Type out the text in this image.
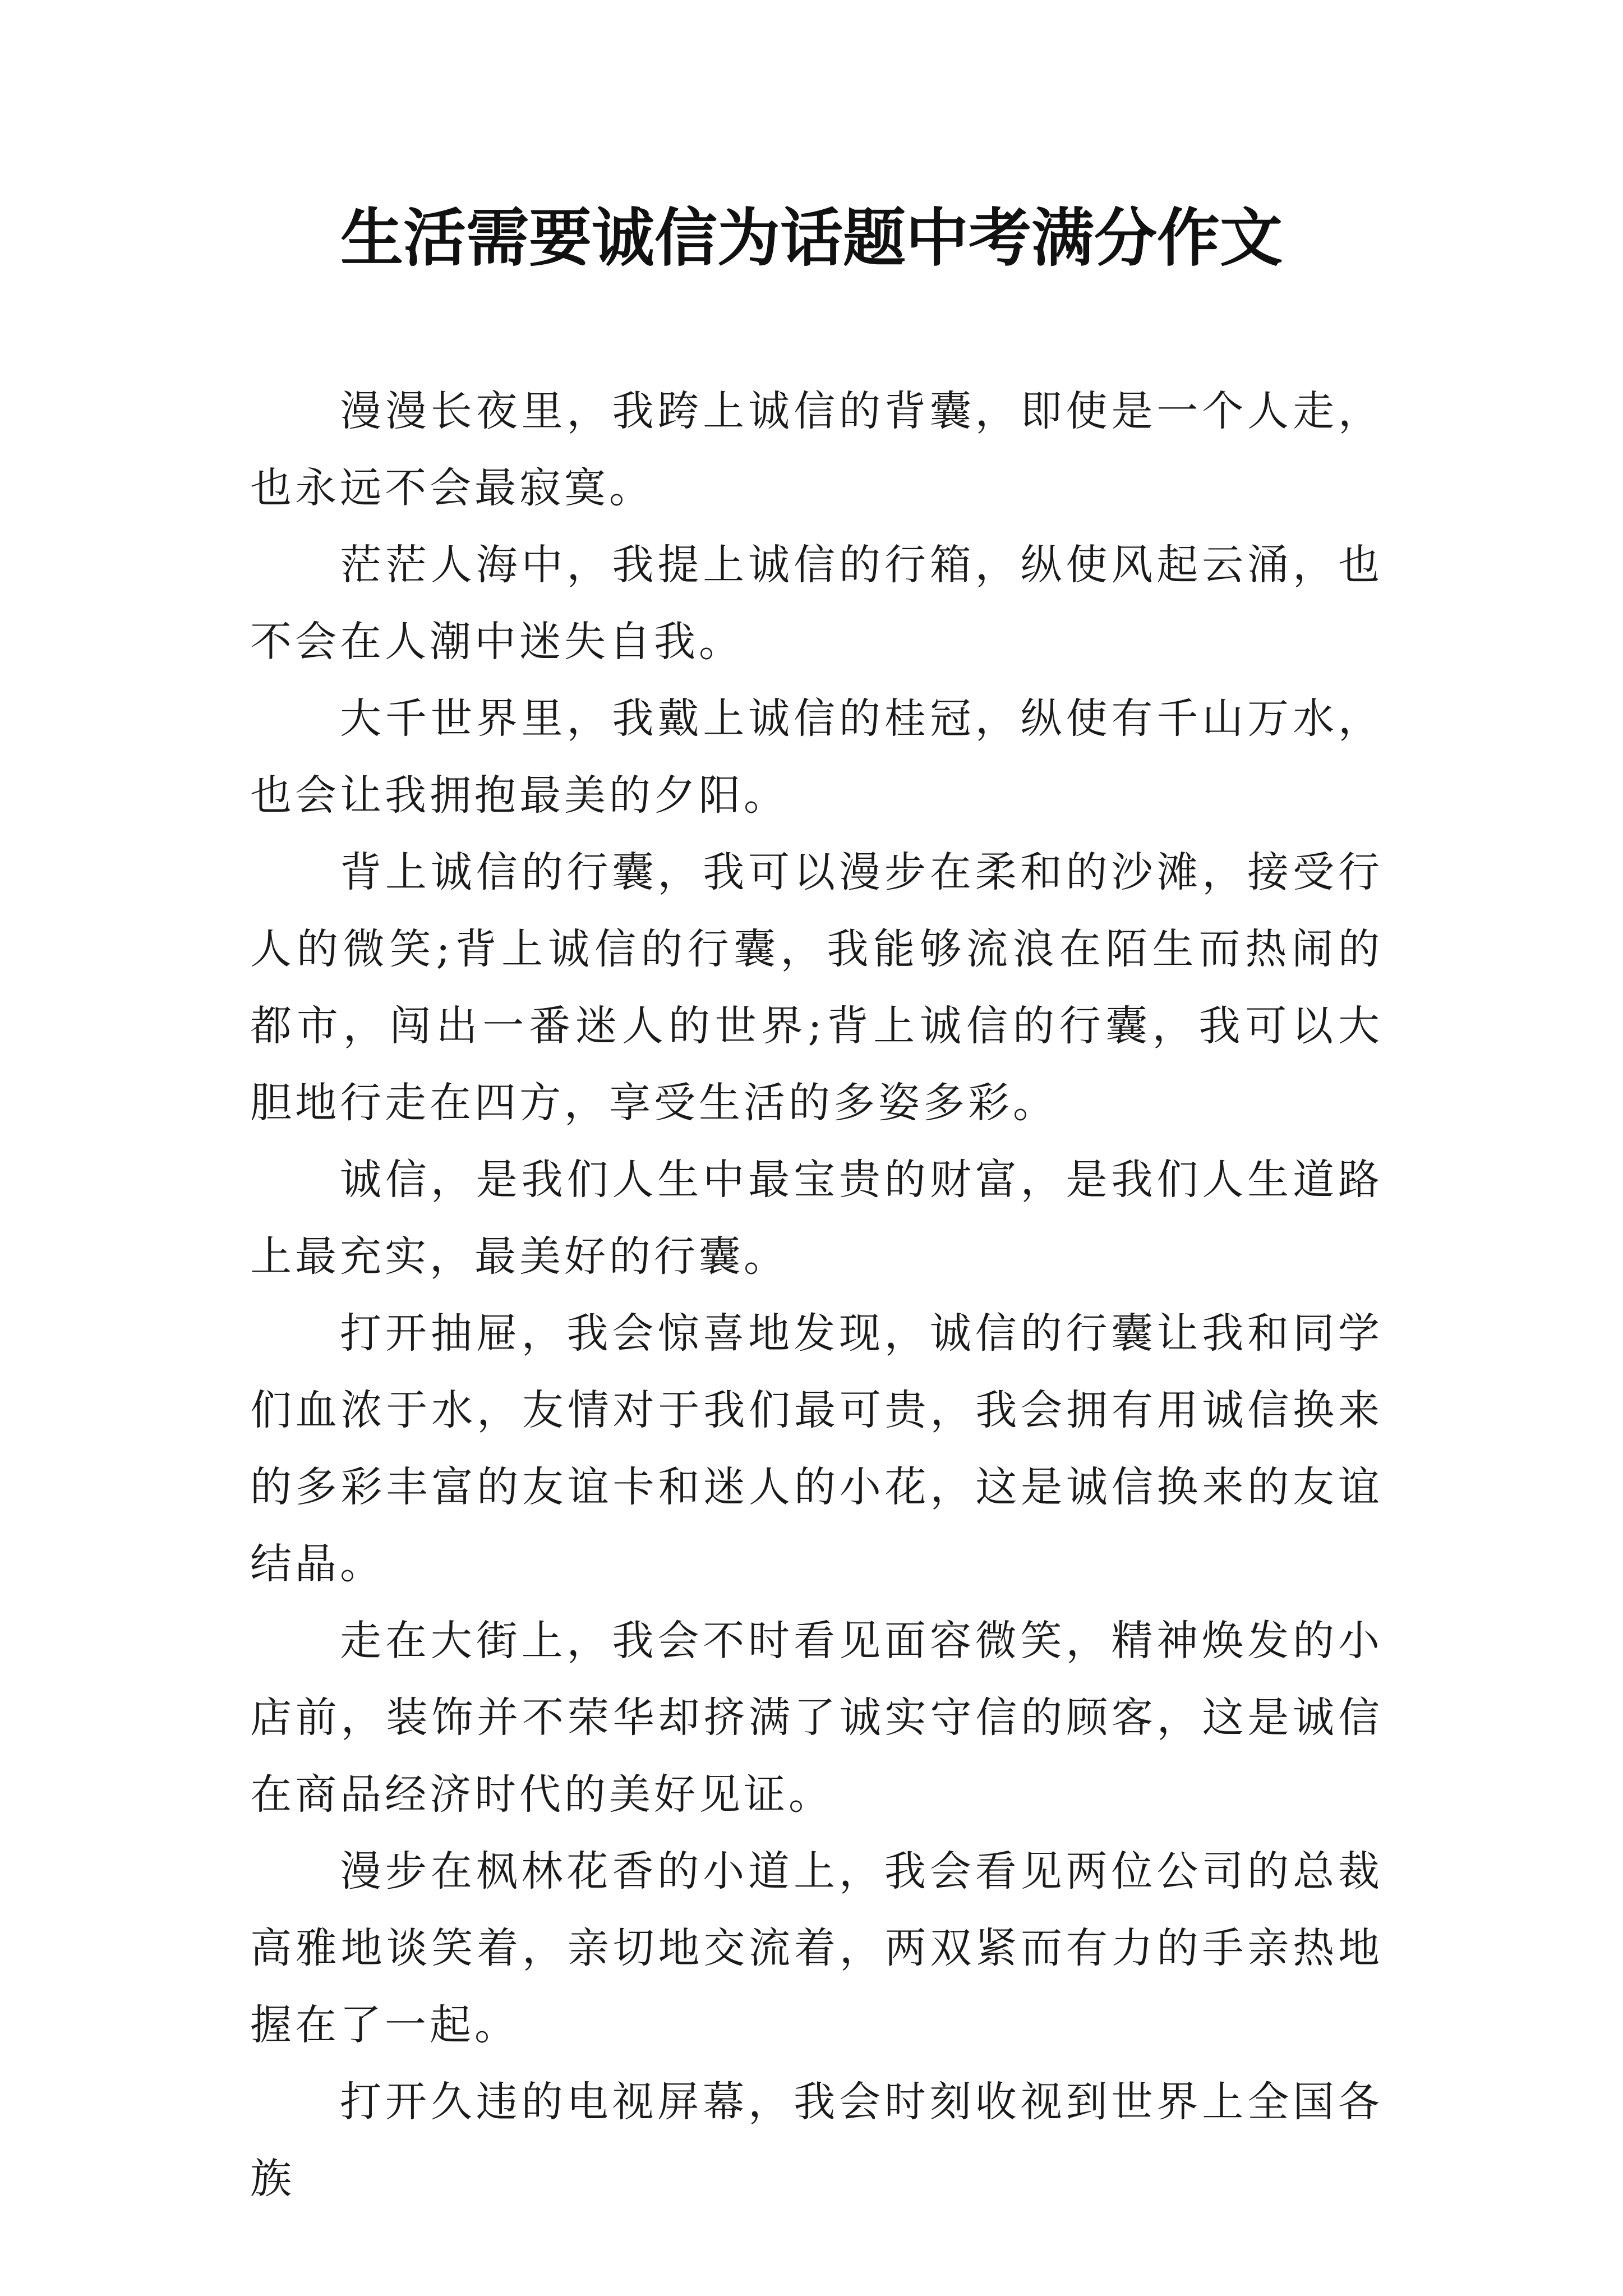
生活需要诚信为话题中考满分作文

漫漫长夜里，我跨上诚信的背囊，即使是一个人走，也永远不会最寂寞。

茫茫人海中，我提上诚信的行箱，纵使风起云涌，也不会在人潮中迷失自我。

大千世界里，我戴上诚信的桂冠，纵使有千山万水，也会让我拥抱最美的夕阳。

背上诚信的行囊，我可以漫步在柔和的沙滩，接受行人的微笑;背上诚信的行囊，我能够流浪在陌生而热闹的都市，闯出一番迷人的世界;背上诚信的行囊，我可以大胆地行走在四方，享受生活的多姿多彩。

诚信，是我们人生中最宝贵的财富，是我们人生道路上最充实，最美好的行囊。

打开抽屉，我会惊喜地发现，诚信的行囊让我和同学们血浓于水，友情对于我们最可贵，我会拥有用诚信换来的多彩丰富的友谊卡和迷人的小花，这是诚信换来的友谊结晶。

走在大街上，我会不时看见面容微笑，精神焕发的小店前，装饰并不荣华却挤满了诚实守信的顾客，这是诚信在商品经济时代的美好见证。

漫步在枫林花香的小道上，我会看见两位公司的总裁高雅地谈笑着，亲切地交流着，两双紧而有力的手亲热地握在了一起。

打开久违的电视屏幕，我会时刻收视到世界上全国各族
